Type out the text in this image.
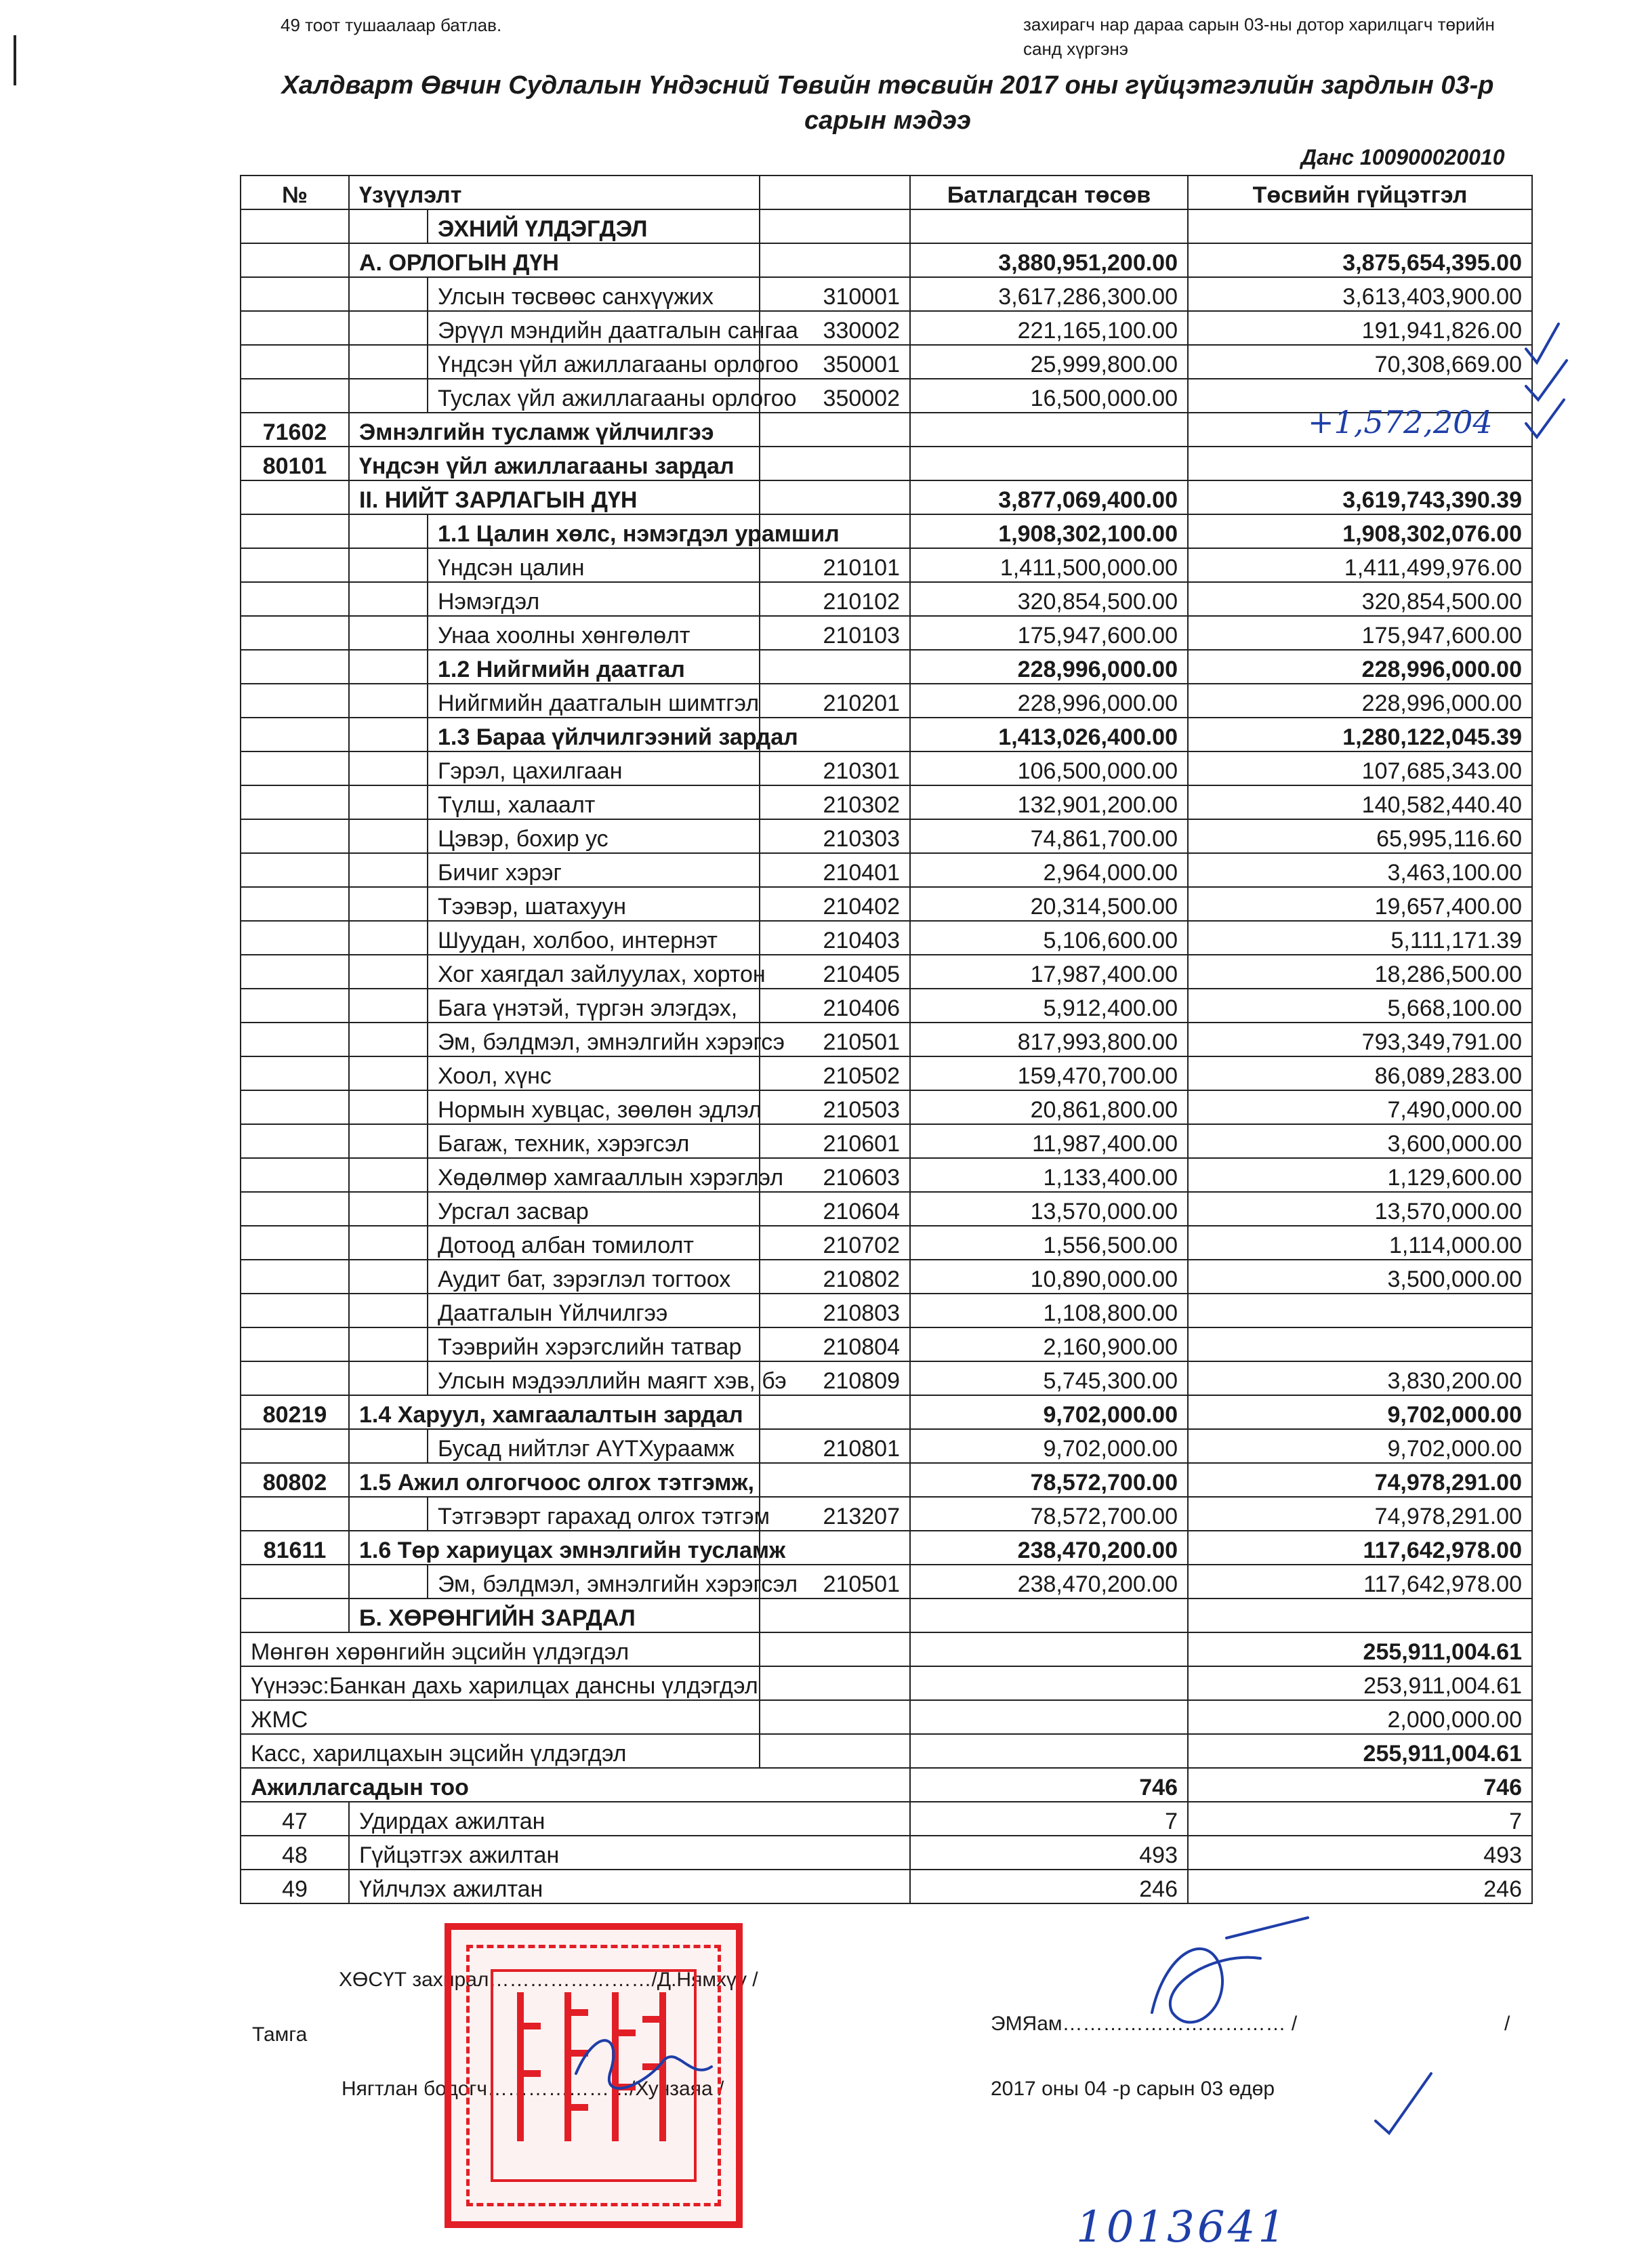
49 тоот тушаалаар батлав.	захирагч нар дараа сарын 03-ны дотор харилцагч төрийн
санд хүргэнэ
Халдварт Өвчин Судлалын Үндэсний Төвийн төсвийн 2017 оны гүйцэтгэлийн зардлын 03-р
сарын мэдээ
Данс 100900020010
№	Үзүүлэлт			Батлагдсан төсөв	Төсвийн гүйцэтгэл
		ЭХНИЙ ҮЛДЭГДЭЛ			
	А. ОРЛОГЫН ДҮН			3,880,951,200.00	3,875,654,395.00
		Улсын төсвөөс санхүүжих	310001	3,617,286,300.00	3,613,403,900.00
		Эрүүл мэндийн даатгалын сангаа	330002	221,165,100.00	191,941,826.00
		Үндсэн үйл ажиллагааны орлогоо	350001	25,999,800.00	70,308,669.00
		Туслах үйл ажиллагааны орлогоо	350002	16,500,000.00	
71602	Эмнэлгийн тусламж үйлчилгээ				
80101	Үндсэн үйл ажиллагааны зардал				
	II. НИЙТ ЗАРЛАГЫН ДҮН			3,877,069,400.00	3,619,743,390.39
		1.1 Цалин хөлс, нэмэгдэл урамшил		1,908,302,100.00	1,908,302,076.00
		Үндсэн цалин	210101	1,411,500,000.00	1,411,499,976.00
		Нэмэгдэл	210102	320,854,500.00	320,854,500.00
		Унаа хоолны хөнгөлөлт	210103	175,947,600.00	175,947,600.00
		1.2 Нийгмийн даатгал		228,996,000.00	228,996,000.00
		Нийгмийн даатгалын шимтгэл	210201	228,996,000.00	228,996,000.00
		1.3 Бараа үйлчилгээний зардал		1,413,026,400.00	1,280,122,045.39
		Гэрэл, цахилгаан	210301	106,500,000.00	107,685,343.00
		Түлш, халаалт	210302	132,901,200.00	140,582,440.40
		Цэвэр, бохир ус	210303	74,861,700.00	65,995,116.60
		Бичиг хэрэг	210401	2,964,000.00	3,463,100.00
		Тээвэр, шатахуун	210402	20,314,500.00	19,657,400.00
		Шуудан, холбоо, интернэт	210403	5,106,600.00	5,111,171.39
		Хог хаягдал зайлуулах, хортон	210405	17,987,400.00	18,286,500.00
		Бага үнэтэй, түргэн элэгдэх,	210406	5,912,400.00	5,668,100.00
		Эм, бэлдмэл, эмнэлгийн хэрэгсэ	210501	817,993,800.00	793,349,791.00
		Хоол, хүнс	210502	159,470,700.00	86,089,283.00
		Нормын хувцас, зөөлөн эдлэл	210503	20,861,800.00	7,490,000.00
		Багаж, техник, хэрэгсэл	210601	11,987,400.00	3,600,000.00
		Хөдөлмөр хамгааллын хэрэглэл	210603	1,133,400.00	1,129,600.00
		Урсгал засвар	210604	13,570,000.00	13,570,000.00
		Дотоод албан томилолт	210702	1,556,500.00	1,114,000.00
		Аудит бат, зэрэглэл тогтоох	210802	10,890,000.00	3,500,000.00
		Даатгалын Үйлчилгээ	210803	1,108,800.00	
		Тээврийн хэрэгслийн татвар	210804	2,160,900.00	
		Улсын мэдээллийн маягт хэв, бэ	210809	5,745,300.00	3,830,200.00
80219	1.4 Харуул, хамгаалалтын зардал			9,702,000.00	9,702,000.00
		Бусад нийтлэг АҮТХураамж	210801	9,702,000.00	9,702,000.00
80802	1.5 Ажил олгогчоос олгох тэтгэмж,			78,572,700.00	74,978,291.00
		Тэтгэвэрт гарахад олгох тэтгэм	213207	78,572,700.00	74,978,291.00
81611	1.6 Төр хариуцах эмнэлгийн тусламж			238,470,200.00	117,642,978.00
		Эм, бэлдмэл, эмнэлгийн хэрэгсэл	210501	238,470,200.00	117,642,978.00
	Б. ХӨРӨНГИЙН ЗАРДАЛ				
Мөнгөн хөрөнгийн эцсийн үлдэгдэл					255,911,004.61
Үүнээс:Банкан дахь харилцах дансны үлдэгдэл					253,911,004.61
ЖМС					2,000,000.00
Касс, харилцахын эцсийн үлдэгдэл					255,911,004.61
Ажиллагсадын тоо				746	746
47	Удирдах ажилтан			7	7
48	Гүйцэтгэх ажилтан			493	493
49	Үйлчлэх ажилтан			246	246
ХӨСҮТ захирал……………………/Д.Нямхүү /
Тамга	ЭМЯам…………………………… /	/
Нягтлан бодогч…………………/Хунзаяа /	2017 оны 04 -р сарын 03 өдөр
+1,572,204
1013641
